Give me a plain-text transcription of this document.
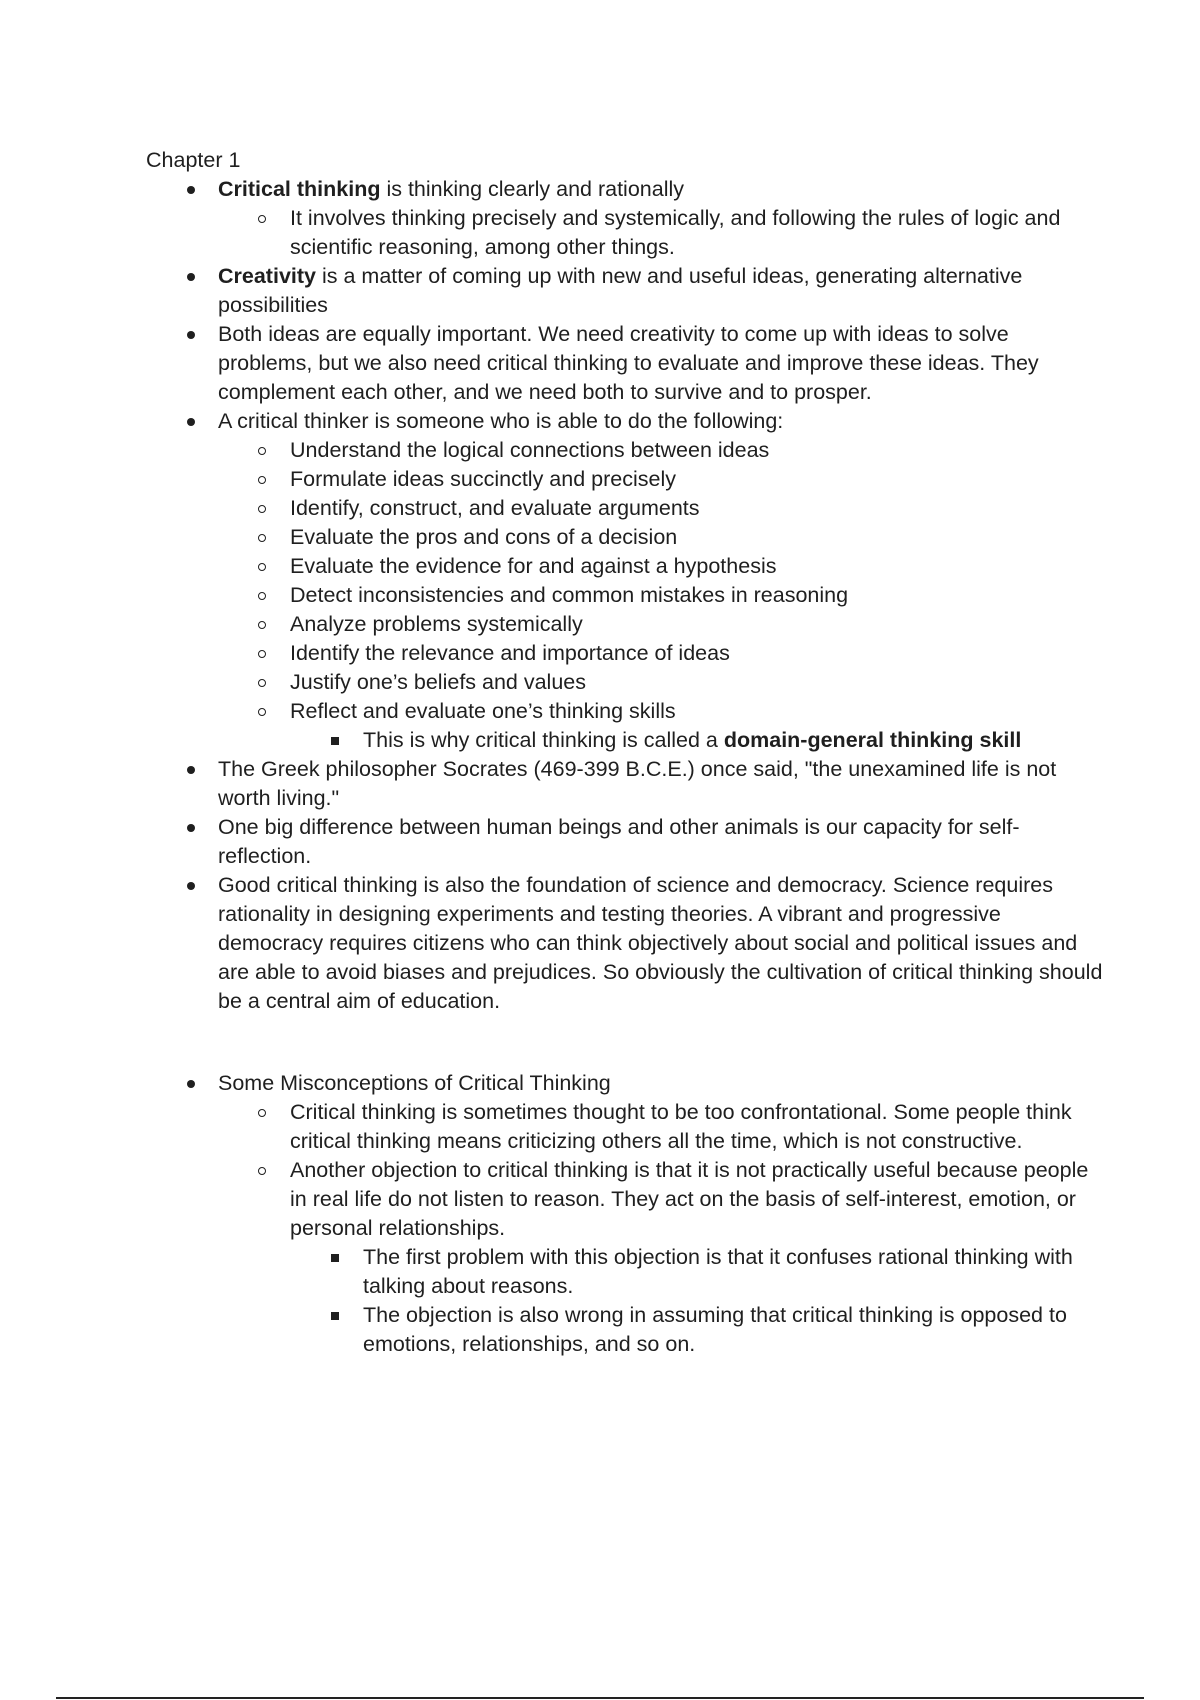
Chapter 1
Critical thinking is thinking clearly and rationally
It involves thinking precisely and systemically, and following the rules of logic and scientific reasoning, among other things.
Creativity is a matter of coming up with new and useful ideas, generating alternative possibilities
Both ideas are equally important. We need creativity to come up with ideas to solve problems, but we also need critical thinking to evaluate and improve these ideas. They complement each other, and we need both to survive and to prosper.
A critical thinker is someone who is able to do the following:
Understand the logical connections between ideas
Formulate ideas succinctly and precisely
Identify, construct, and evaluate arguments
Evaluate the pros and cons of a decision
Evaluate the evidence for and against a hypothesis
Detect inconsistencies and common mistakes in reasoning
Analyze problems systemically
Identify the relevance and importance of ideas
Justify one’s beliefs and values
Reflect and evaluate one’s thinking skills
This is why critical thinking is called a domain-general thinking skill
The Greek philosopher Socrates (469-399 B.C.E.) once said, "the unexamined life is not worth living."
One big difference between human beings and other animals is our capacity for self-reflection.
Good critical thinking is also the foundation of science and democracy. Science requires rationality in designing experiments and testing theories. A vibrant and progressive democracy requires citizens who can think objectively about social and political issues and are able to avoid biases and prejudices. So obviously the cultivation of critical thinking should be a central aim of education.
Some Misconceptions of Critical Thinking
Critical thinking is sometimes thought to be too confrontational. Some people think critical thinking means criticizing others all the time, which is not constructive.
Another objection to critical thinking is that it is not practically useful because people in real life do not listen to reason. They act on the basis of self-interest, emotion, or personal relationships.
The first problem with this objection is that it confuses rational thinking with talking about reasons.
The objection is also wrong in assuming that critical thinking is opposed to emotions, relationships, and so on.
